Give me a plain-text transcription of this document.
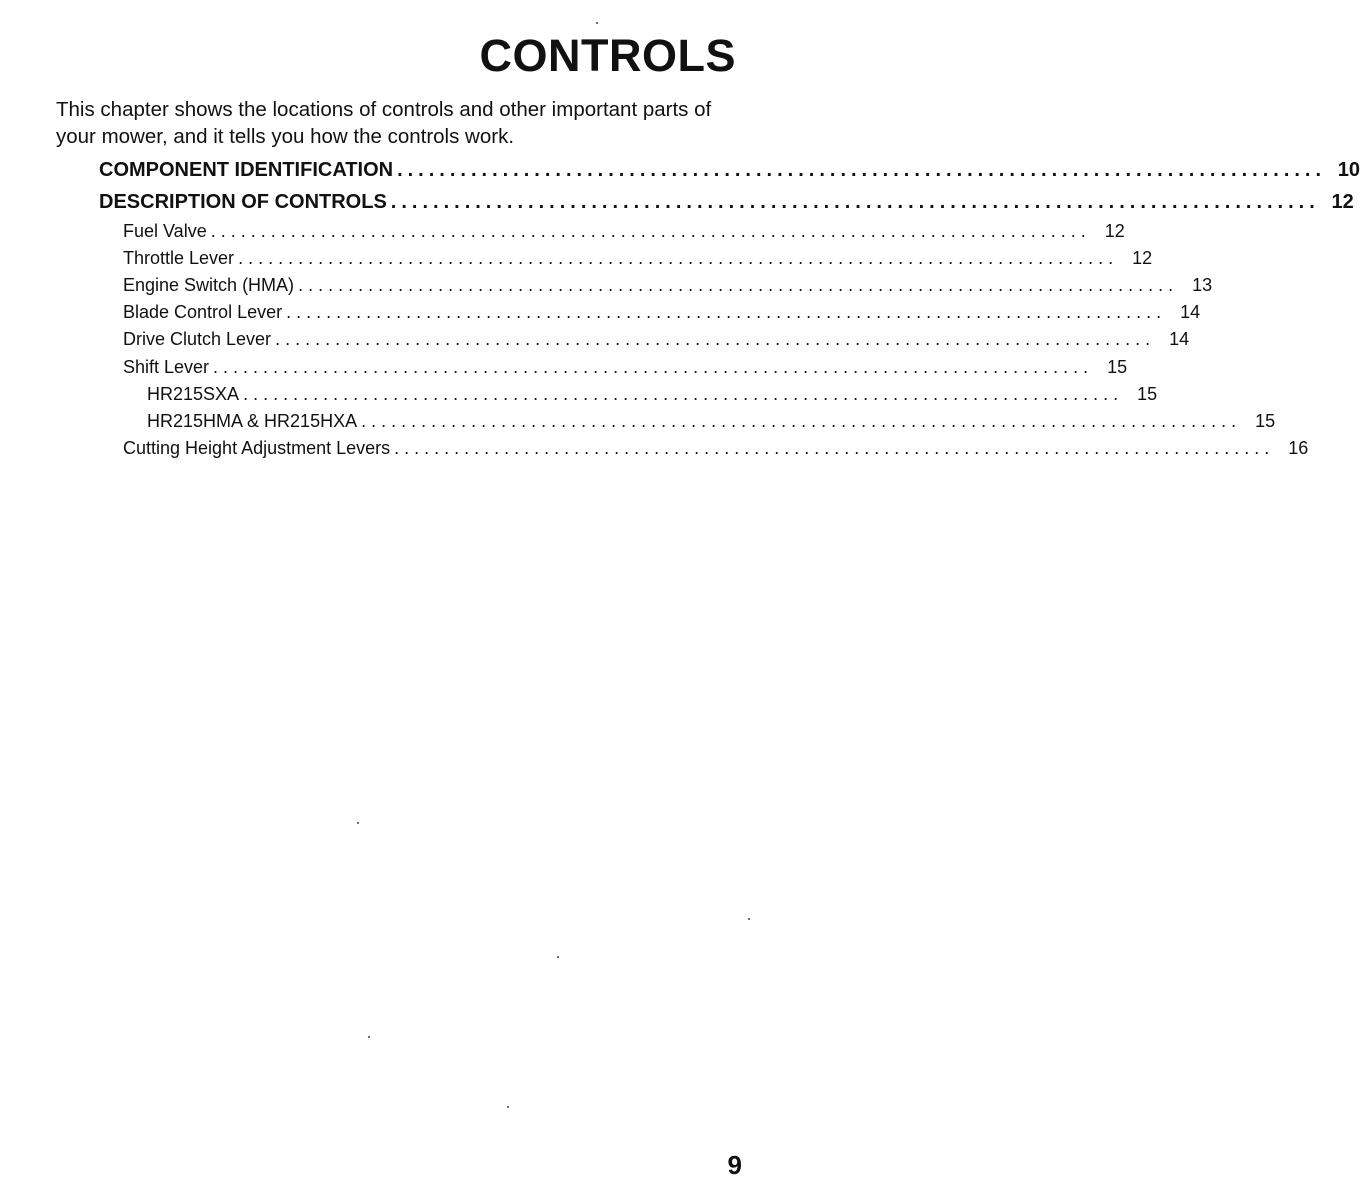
CONTROLS

This chapter shows the locations of controls and other important parts of your mower, and it tells you how the controls work.

COMPONENT IDENTIFICATION ........................................................................................ 10
DESCRIPTION OF CONTROLS ........................................................................................ 12
Fuel Valve ........................................................................................ 12
Throttle Lever ........................................................................................ 12
Engine Switch (HMA) ........................................................................................ 13
Blade Control Lever ........................................................................................ 14
Drive Clutch Lever ........................................................................................ 14
Shift Lever ........................................................................................ 15
HR215SXA ........................................................................................ 15
HR215HMA & HR215HXA ........................................................................................ 15
Cutting Height Adjustment Levers ........................................................................................ 16

9
